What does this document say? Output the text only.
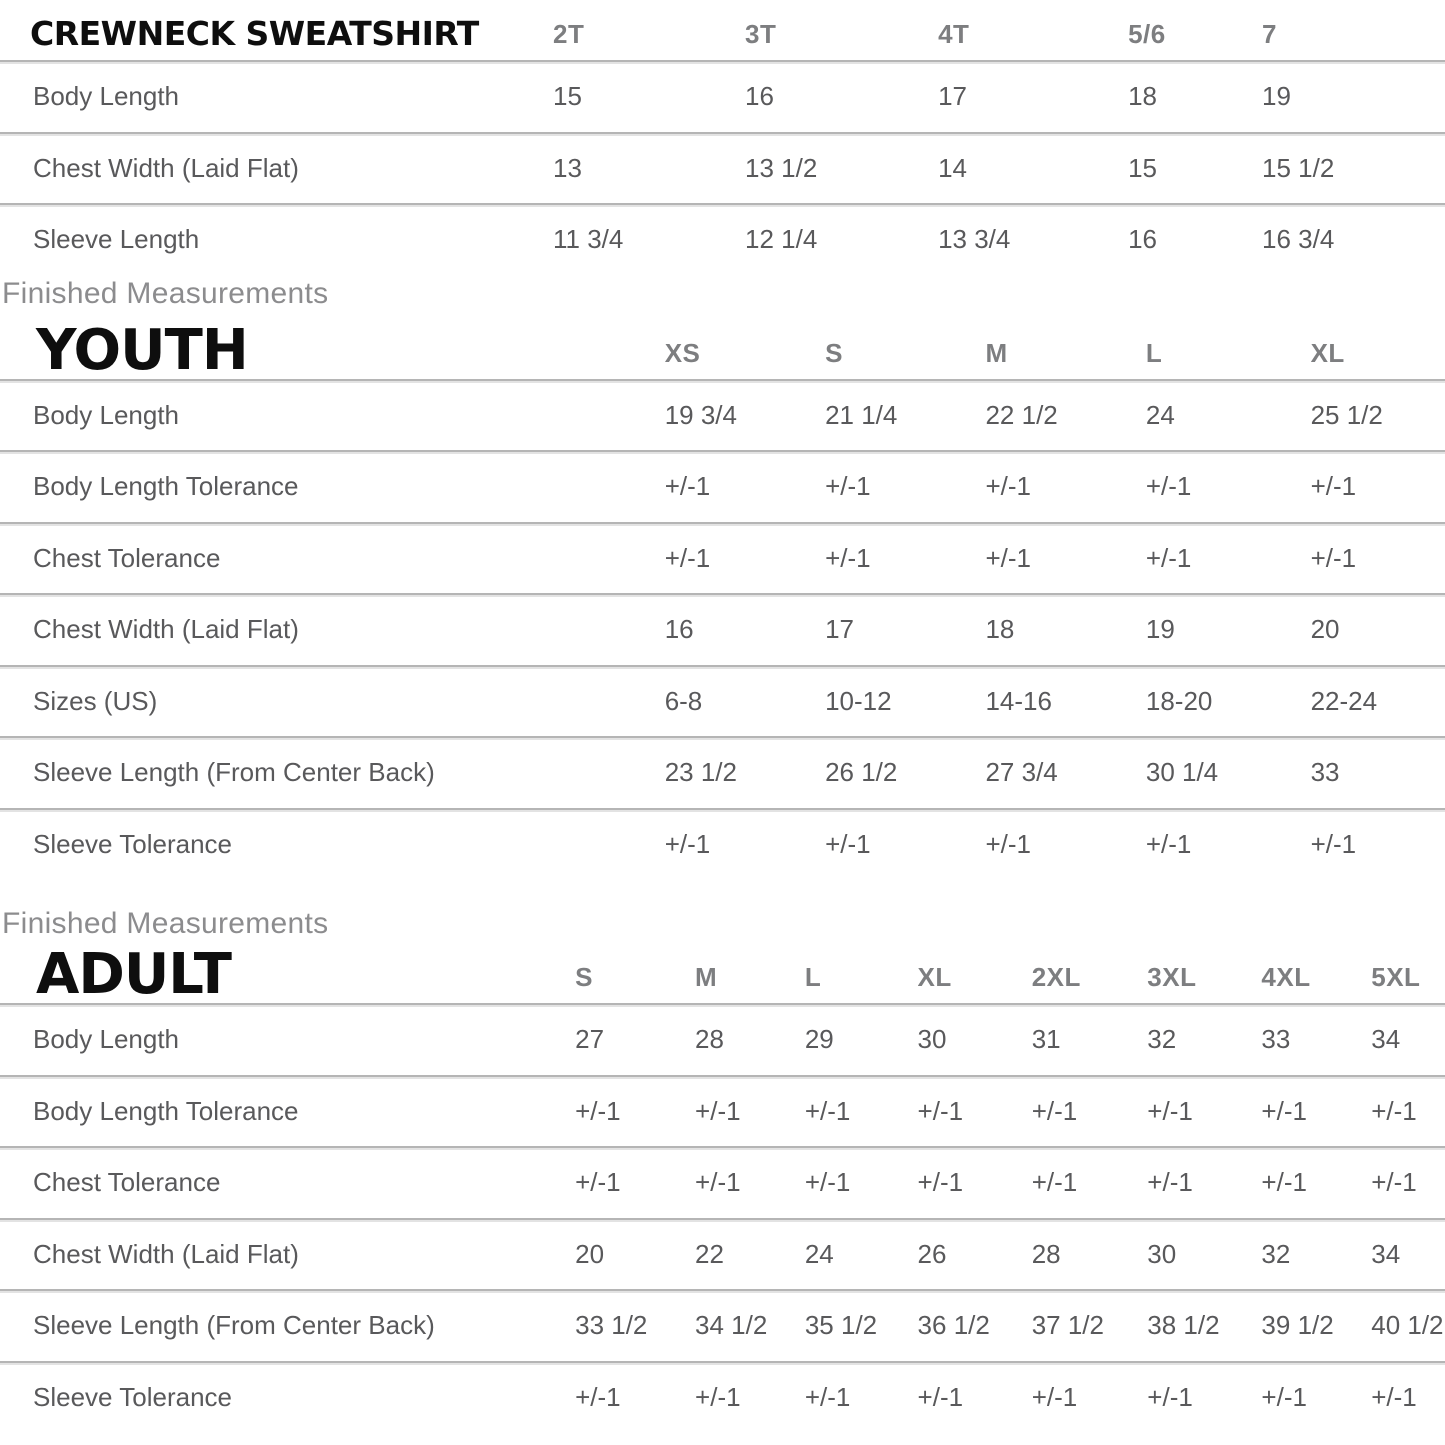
CREWNECK SWEATSHIRT	2T	3T	4T	5/6	7
Body Length	15	16	17	18	19
Chest Width (Laid Flat)	13	13 1/2	14	15	15 1/2
Sleeve Length	11 3/4	12 1/4	13 3/4	16	16 3/4
Finished Measurements
YOUTH	XS	S	M	L	XL
Body Length	19 3/4	21 1/4	22 1/2	24	25 1/2
Body Length Tolerance	+/-1	+/-1	+/-1	+/-1	+/-1
Chest Tolerance	+/-1	+/-1	+/-1	+/-1	+/-1
Chest Width (Laid Flat)	16	17	18	19	20
Sizes (US)	6-8	10-12	14-16	18-20	22-24
Sleeve Length (From Center Back)	23 1/2	26 1/2	27 3/4	30 1/4	33
Sleeve Tolerance	+/-1	+/-1	+/-1	+/-1	+/-1
Finished Measurements
ADULT	S	M	L	XL	2XL	3XL	4XL	5XL
Body Length	27	28	29	30	31	32	33	34
Body Length Tolerance	+/-1	+/-1	+/-1	+/-1	+/-1	+/-1	+/-1	+/-1
Chest Tolerance	+/-1	+/-1	+/-1	+/-1	+/-1	+/-1	+/-1	+/-1
Chest Width (Laid Flat)	20	22	24	26	28	30	32	34
Sleeve Length (From Center Back)	33 1/2	34 1/2	35 1/2	36 1/2	37 1/2	38 1/2	39 1/2	40 1/2
Sleeve Tolerance	+/-1	+/-1	+/-1	+/-1	+/-1	+/-1	+/-1	+/-1
